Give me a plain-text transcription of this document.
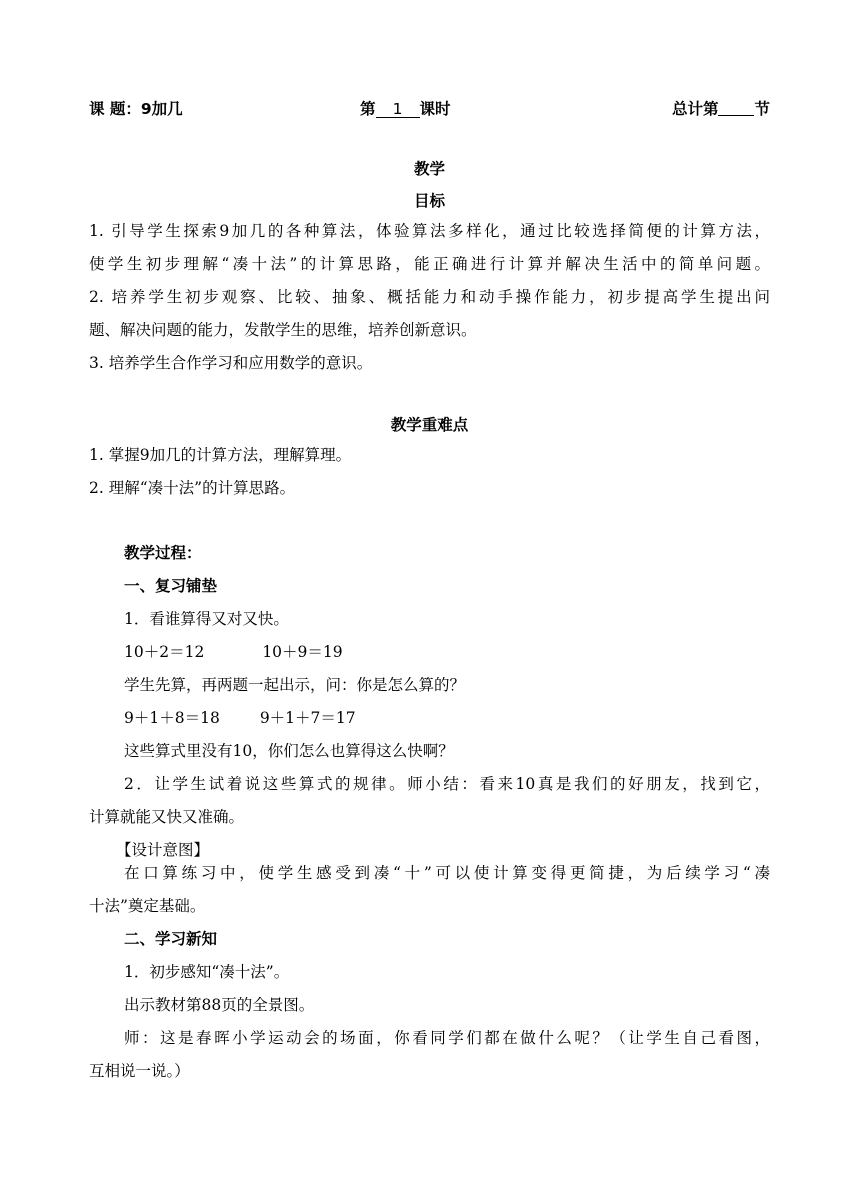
课 题：9加几	第 1 课时	总计第 节
教学
目标
1. 引导学生探索9加几的各种算法，体验算法多样化，通过比较选择简便的计算方法，
使学生初步理解“凑十法”的计算思路，能正确进行计算并解决生活中的简单问题。
2. 培养学生初步观察、比较、抽象、概括能力和动手操作能力，初步提高学生提出问
题、解决问题的能力，发散学生的思维，培养创新意识。
3. 培养学生合作学习和应用数学的意识。
教学重难点
1. 掌握9加几的计算方法，理解算理。
2. 理解“凑十法”的计算思路。
教学过程：
一、复习铺垫
1．看谁算得又对又快。
10＋2＝12	10＋9＝19
学生先算，再两题一起出示，问：你是怎么算的？
9＋1＋8＝18	9＋1＋7＝17
这些算式里没有10，你们怎么也算得这么快啊？
2．让学生试着说这些算式的规律。师小结：看来10真是我们的好朋友，找到它，
计算就能又快又准确。
【设计意图】
在口算练习中，使学生感受到凑“十”可以使计算变得更简捷，为后续学习“凑
十法”奠定基础。
二、学习新知
1．初步感知“凑十法”。
出示教材第88页的全景图。
师：这是春晖小学运动会的场面，你看同学们都在做什么呢？（让学生自己看图，
互相说一说。）
